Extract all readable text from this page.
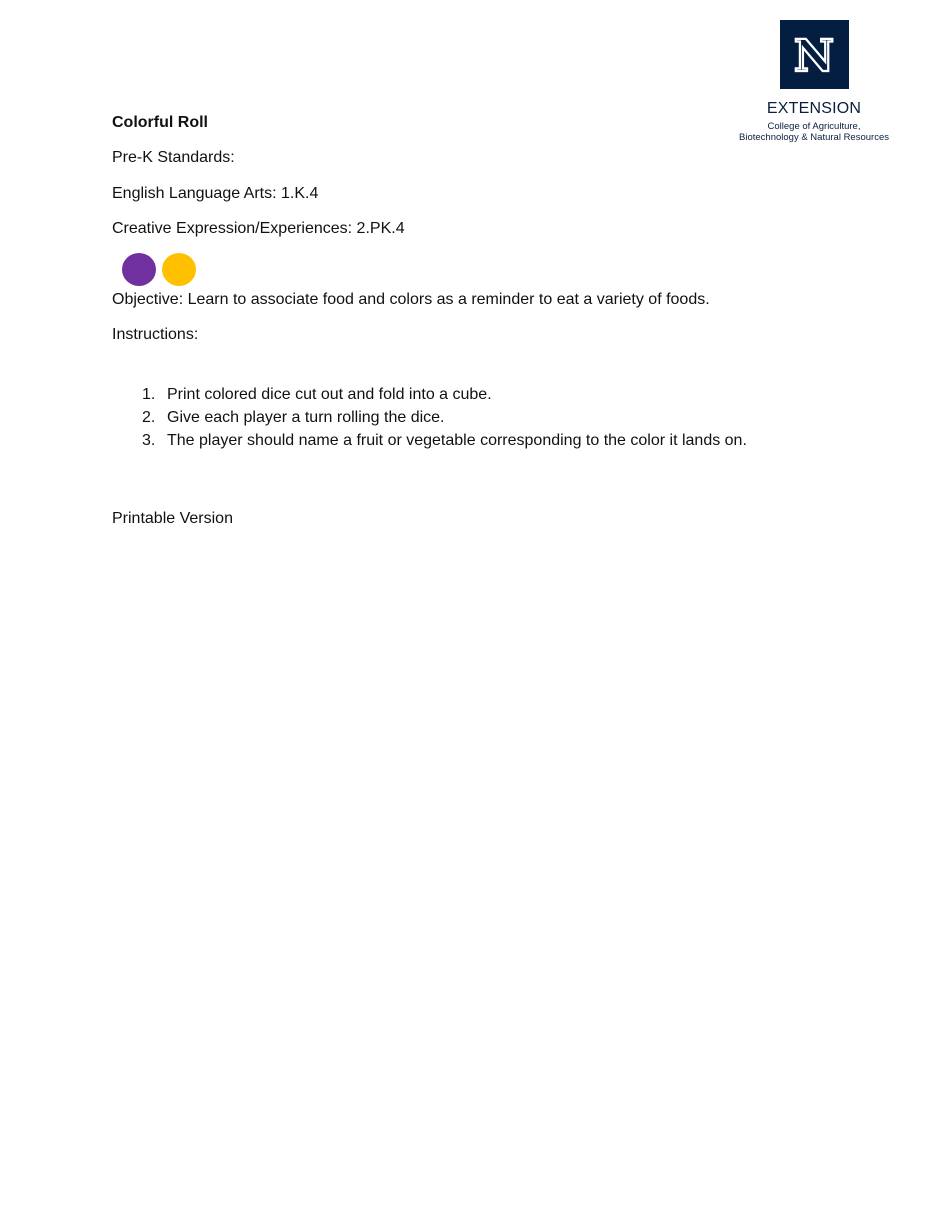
N
EXTENSION
College of Agriculture,
Biotechnology & Natural Resources
Colorful Roll
Pre-K Standards:
English Language Arts: 1.K.4
Creative Expression/Experiences: 2.PK.4
Objective: Learn to associate food and colors as a reminder to eat a variety of foods.
Instructions:
1. Print colored dice cut out and fold into a cube.
2. Give each player a turn rolling the dice.
3. The player should name a fruit or vegetable corresponding to the color it lands on.
Printable Version
